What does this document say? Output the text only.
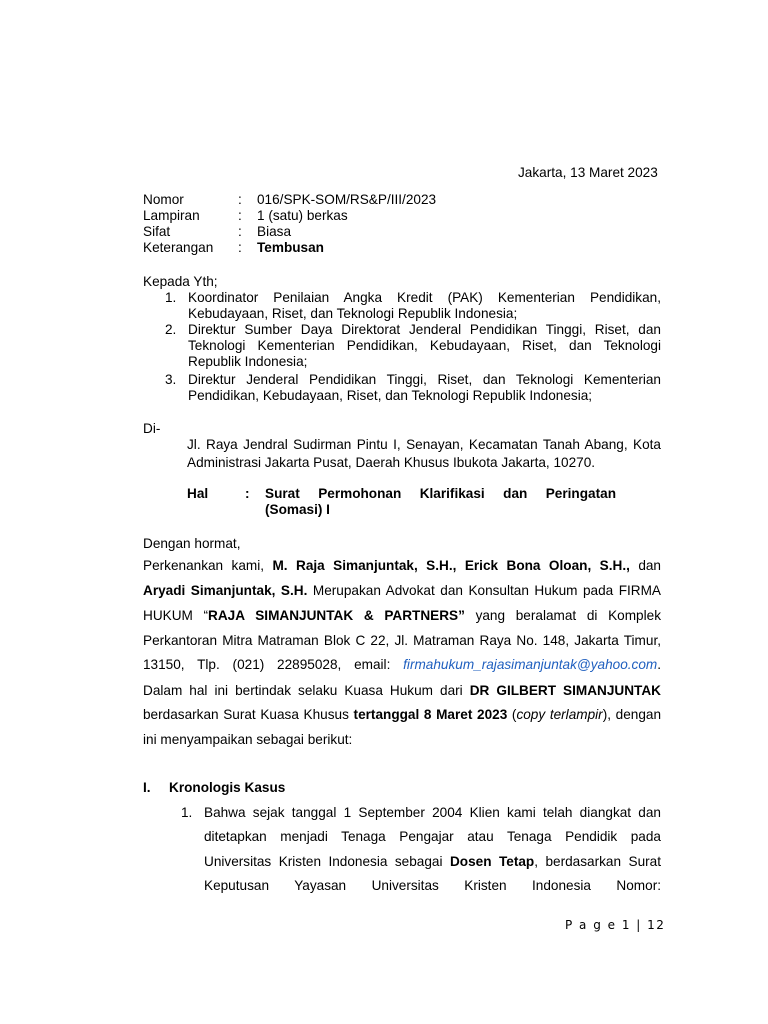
Jakarta, 13 Maret 2023
Nomor	: 016/SPK-SOM/RS&P/III/2023
Lampiran	: 1 (satu) berkas
Sifat	: Biasa
Keterangan : Tembusan
Kepada Yth;
1. Koordinator Penilaian Angka Kredit (PAK) Kementerian Pendidikan,
Kebudayaan, Riset, dan Teknologi Republik Indonesia;
2. Direktur Sumber Daya Direktorat Jenderal Pendidikan Tinggi, Riset, dan
Teknologi Kementerian Pendidikan, Kebudayaan, Riset, dan Teknologi
Republik Indonesia;
3. Direktur Jenderal Pendidikan Tinggi, Riset, dan Teknologi Kementerian
Pendidikan, Kebudayaan, Riset, dan Teknologi Republik Indonesia;
Di-
Jl. Raya Jendral Sudirman Pintu I, Senayan, Kecamatan Tanah Abang, Kota
Administrasi Jakarta Pusat, Daerah Khusus Ibukota Jakarta, 10270.
Hal	: Surat Permohonan Klarifikasi dan Peringatan
(Somasi) I
Dengan hormat,
Perkenankan kami, M. Raja Simanjuntak, S.H., Erick Bona Oloan, S.H., dan
Aryadi Simanjuntak, S.H. Merupakan Advokat dan Konsultan Hukum pada FIRMA
HUKUM “RAJA SIMANJUNTAK & PARTNERS” yang beralamat di Komplek
Perkantoran Mitra Matraman Blok C 22, Jl. Matraman Raya No. 148, Jakarta Timur,
13150, Tlp. (021) 22895028, email: firmahukum_rajasimanjuntak@yahoo.com.
Dalam hal ini bertindak selaku Kuasa Hukum dari DR GILBERT SIMANJUNTAK
berdasarkan Surat Kuasa Khusus tertanggal 8 Maret 2023 (copy terlampir), dengan
ini menyampaikan sebagai berikut:
I. Kronologis Kasus
1. Bahwa sejak tanggal 1 September 2004 Klien kami telah diangkat dan
ditetapkan menjadi Tenaga Pengajar atau Tenaga Pendidik pada
Universitas Kristen Indonesia sebagai Dosen Tetap, berdasarkan Surat
Keputusan Yayasan Universitas Kristen Indonesia Nomor:
P a g e 1 | 12
